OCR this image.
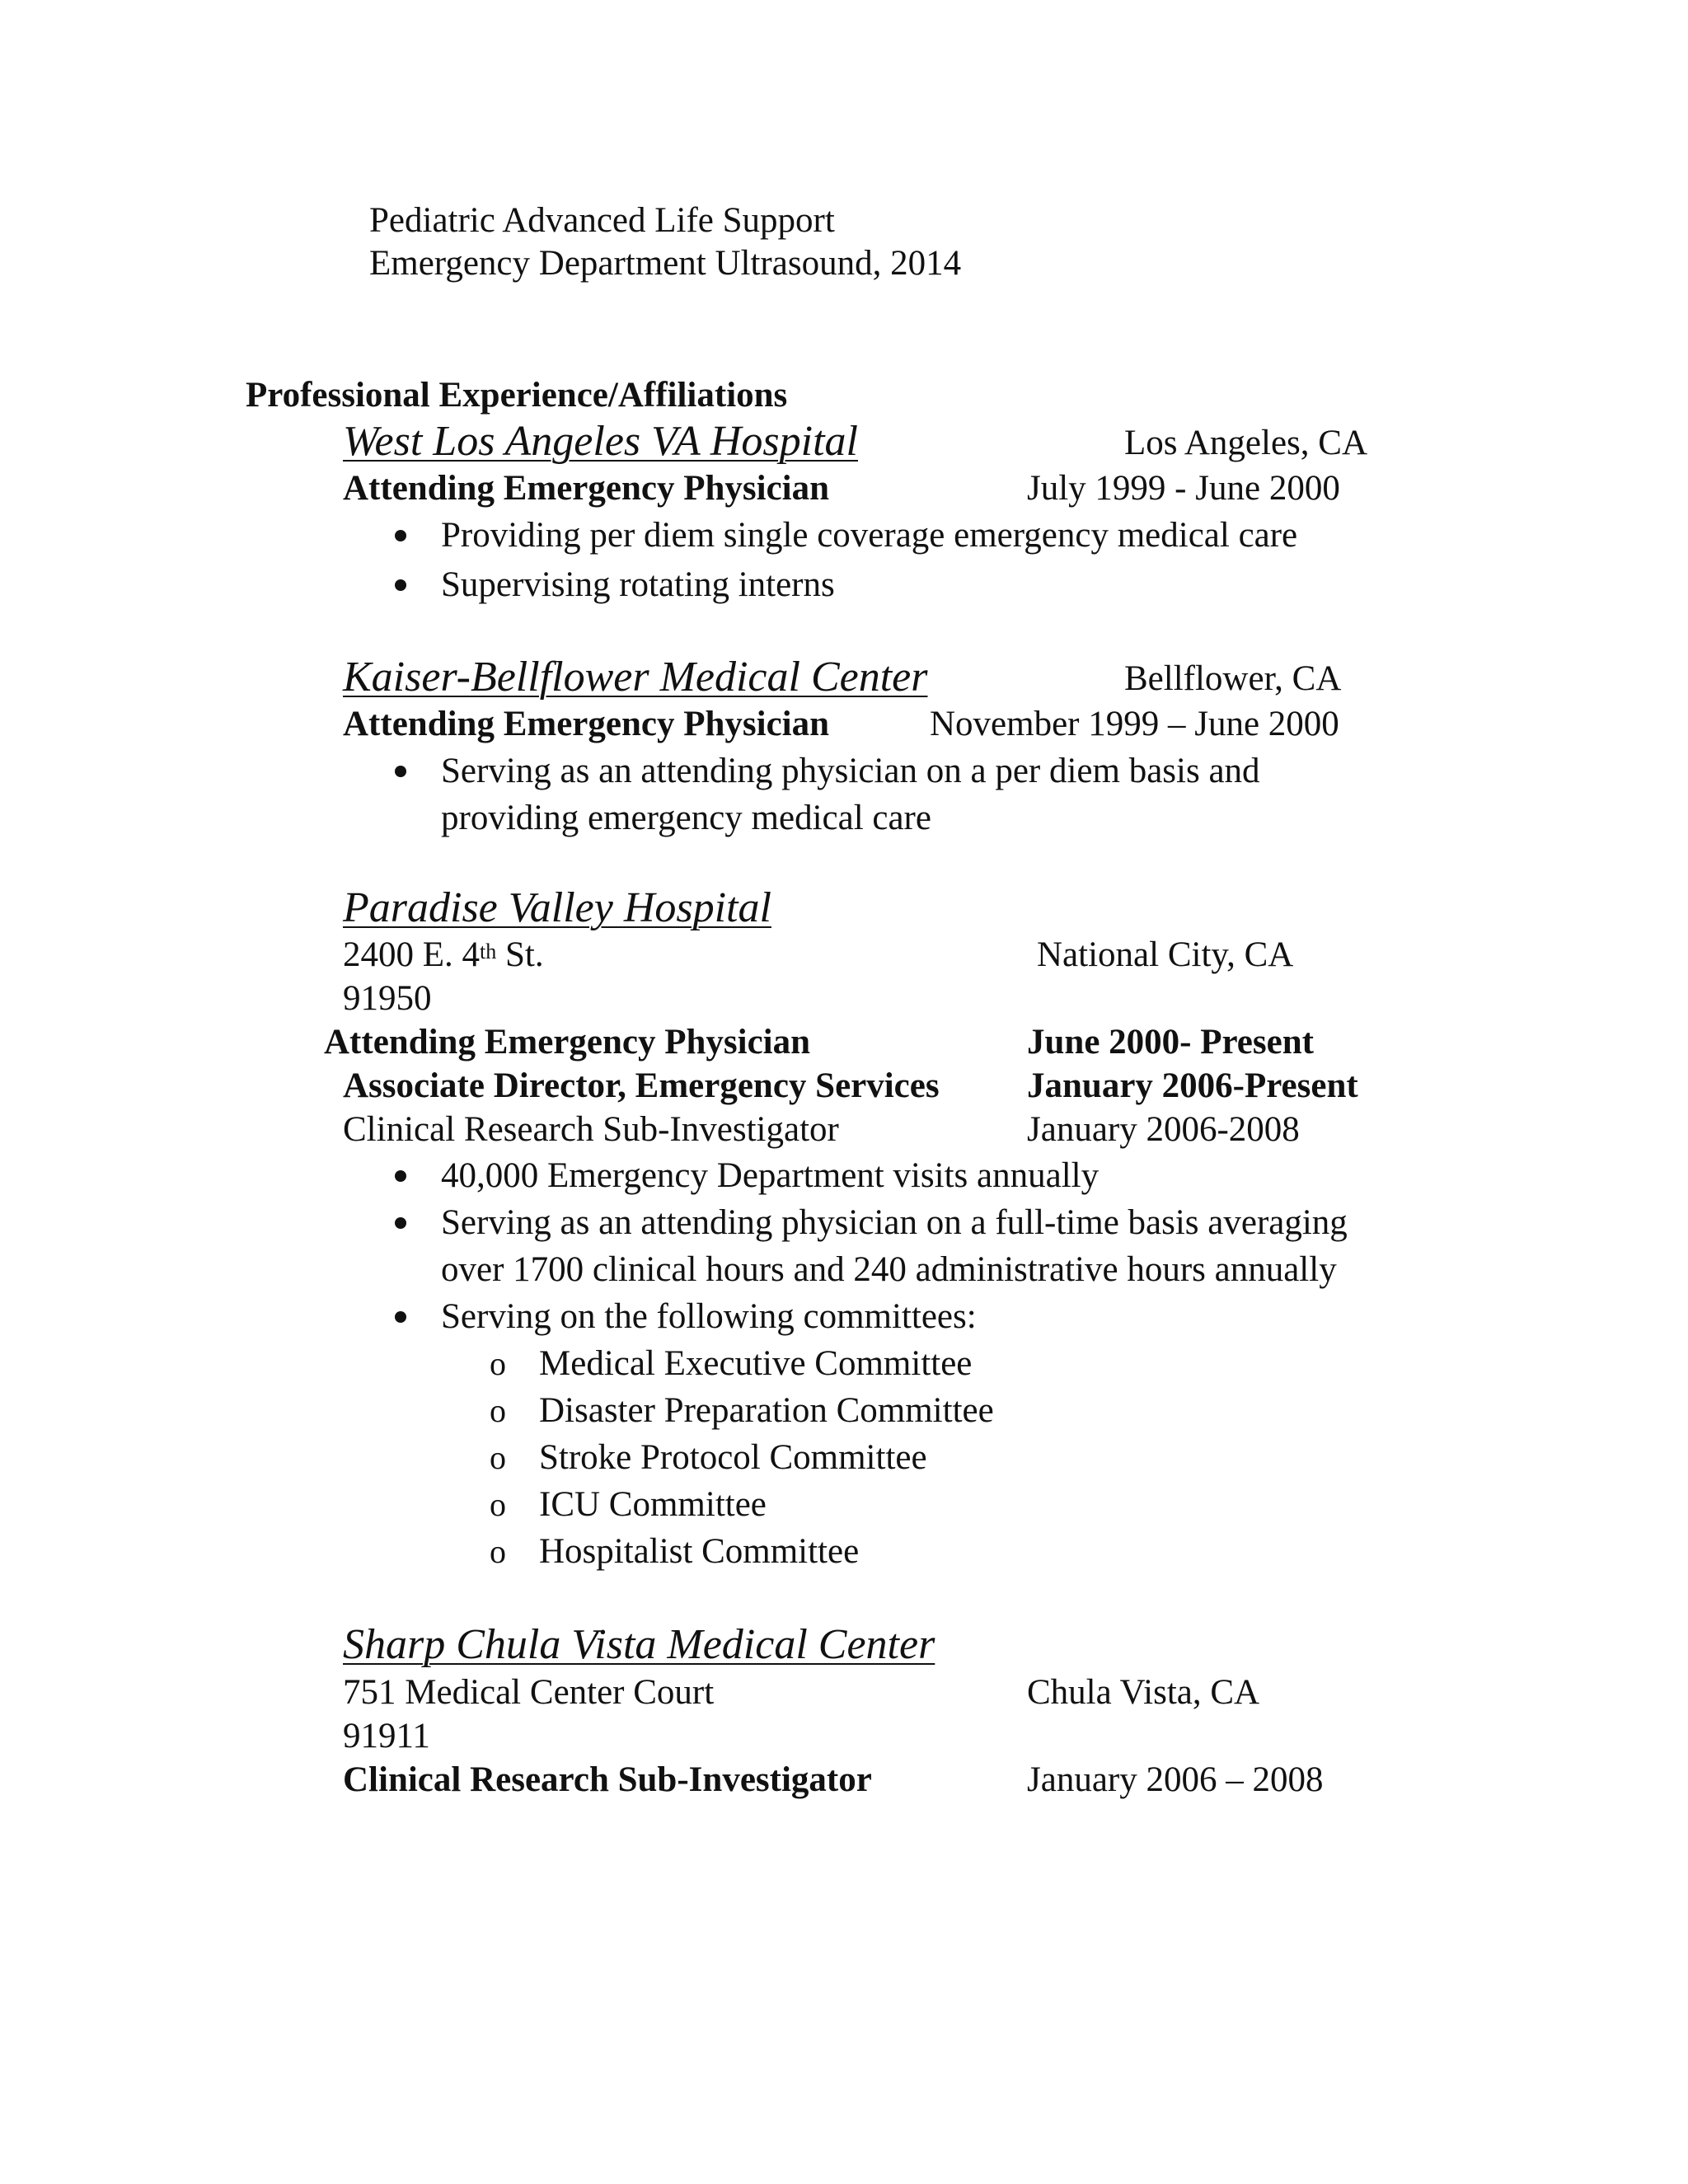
Pediatric Advanced Life Support
Emergency Department Ultrasound, 2014
Professional Experience/Affiliations
West Los Angeles VA Hospital	Los Angeles, CA
Attending Emergency Physician	July 1999 - June 2000
Providing per diem single coverage emergency medical care
Supervising rotating interns
Kaiser-Bellflower Medical Center	Bellflower, CA
Attending Emergency Physician	November 1999 – June 2000
Serving as an attending physician on a per diem basis and
providing emergency medical care
Paradise Valley Hospital
2400 E. 4th St.	National City, CA
91950
Attending Emergency Physician	June 2000- Present
Associate Director, Emergency Services January 2006-Present
Clinical Research Sub-Investigator	January 2006-2008
40,000 Emergency Department visits annually
Serving as an attending physician on a full-time basis averaging
over 1700 clinical hours and 240 administrative hours annually
Serving on the following committees:
o Medical Executive Committee
o Disaster Preparation Committee
o Stroke Protocol Committee
o ICU Committee
o Hospitalist Committee
Sharp Chula Vista Medical Center
751 Medical Center Court	Chula Vista, CA
91911
Clinical Research Sub-Investigator	January 2006 – 2008
